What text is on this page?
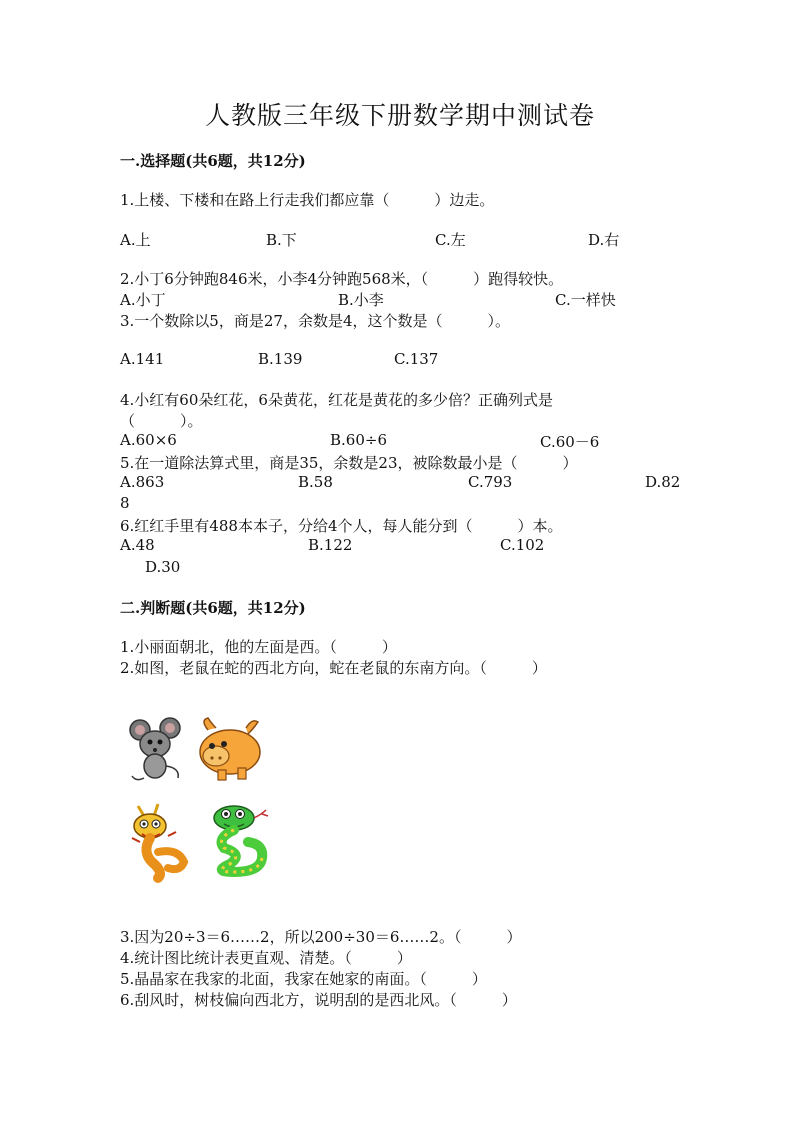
人教版三年级下册数学期中测试卷
一.选择题(共6题，共12分)
1.上楼、下楼和在路上行走我们都应靠（　　　）边走。
A.上	B.下	C.左	D.右
2.小丁6分钟跑846米，小李4分钟跑568米，（　　　）跑得较快。
A.小丁	B.小李	C.一样快
3.一个数除以5，商是27，余数是4，这个数是（　　　）。
A.141	B.139	C.137
4.小红有60朵红花，6朵黄花，红花是黄花的多少倍？正确列式是
（　　　）。
A.60×6	B.60÷6	C.60－6
5.在一道除法算式里，商是35，余数是23，被除数最小是（　　　）
A.863	B.58	C.793	D.82
8
6.红红手里有488本本子，分给4个人，每人能分到（　　　）本。
A.48	B.122	C.102
D.30
二.判断题(共6题，共12分)
1.小丽面朝北，他的左面是西。（　　　）
2.如图，老鼠在蛇的西北方向，蛇在老鼠的东南方向。（　　　）
3.因为20÷3＝6……2，所以200÷30＝6……2。（　　　）
4.统计图比统计表更直观、清楚。（　　　）
5.晶晶家在我家的北面，我家在她家的南面。（　　　）
6.刮风时，树枝偏向西北方，说明刮的是西北风。（　　　）
